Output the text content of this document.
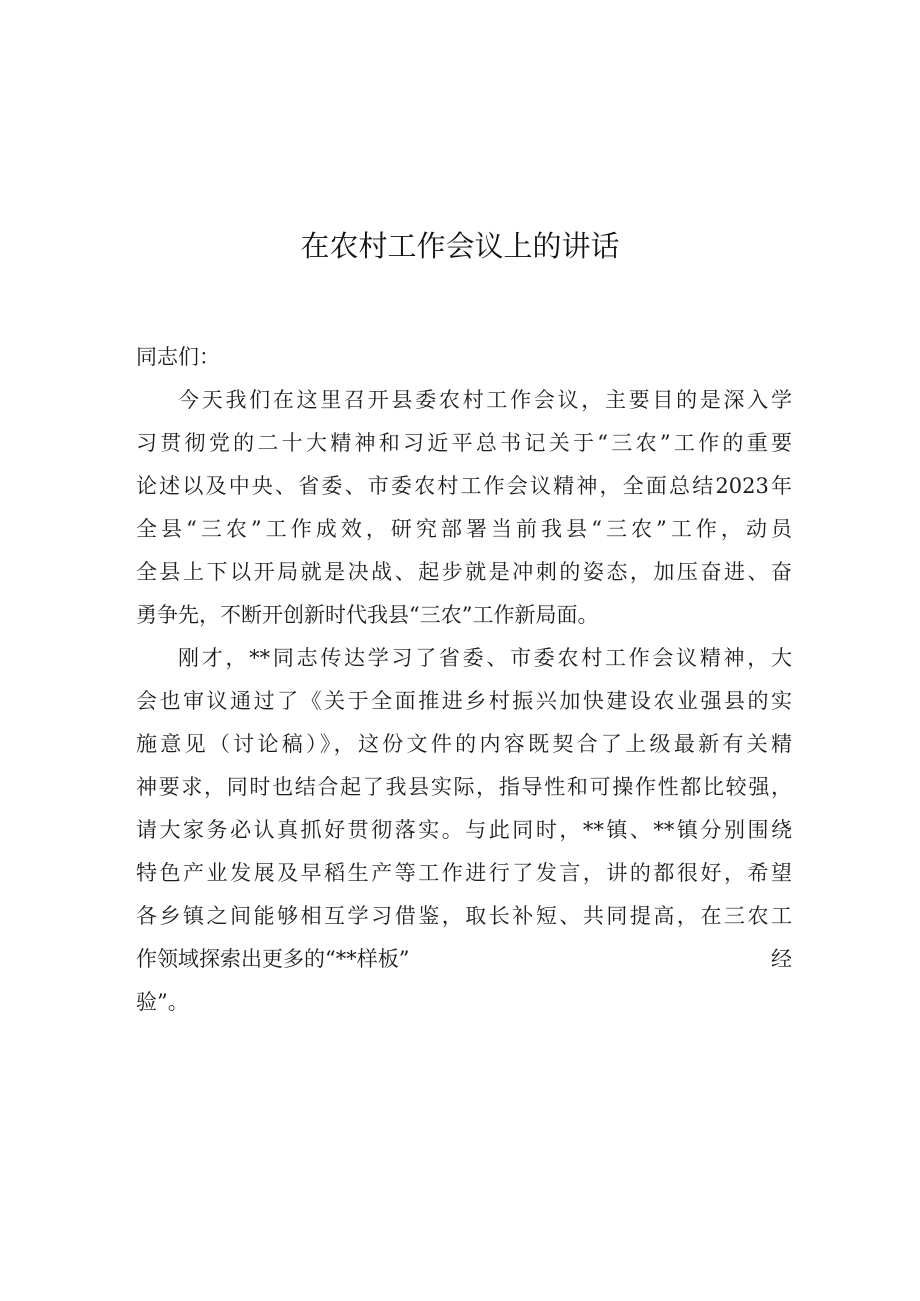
在农村工作会议上的讲话
同志们：
今天我们在这里召开县委农村工作会议，主要目的是深入学
习贯彻党的二十大精神和习近平总书记关于“三农”工作的重要
论述以及中央、省委、市委农村工作会议精神，全面总结2023年
全县“三农”工作成效，研究部署当前我县“三农”工作，动员
全县上下以开局就是决战、起步就是冲刺的姿态，加压奋进、奋
勇争先，不断开创新时代我县“三农”工作新局面。
刚才，**同志传达学习了省委、市委农村工作会议精神，大
会也审议通过了《关于全面推进乡村振兴加快建设农业强县的实
施意见（讨论稿）》，这份文件的内容既契合了上级最新有关精
神要求，同时也结合起了我县实际，指导性和可操作性都比较强，
请大家务必认真抓好贯彻落实。与此同时，**镇、**镇分别围绕
特色产业发展及早稻生产等工作进行了发言，讲的都很好，希望
各乡镇之间能够相互学习借鉴，取长补短、共同提高，在三农工
作领域探索出更多的“**样板”	经
验”。
